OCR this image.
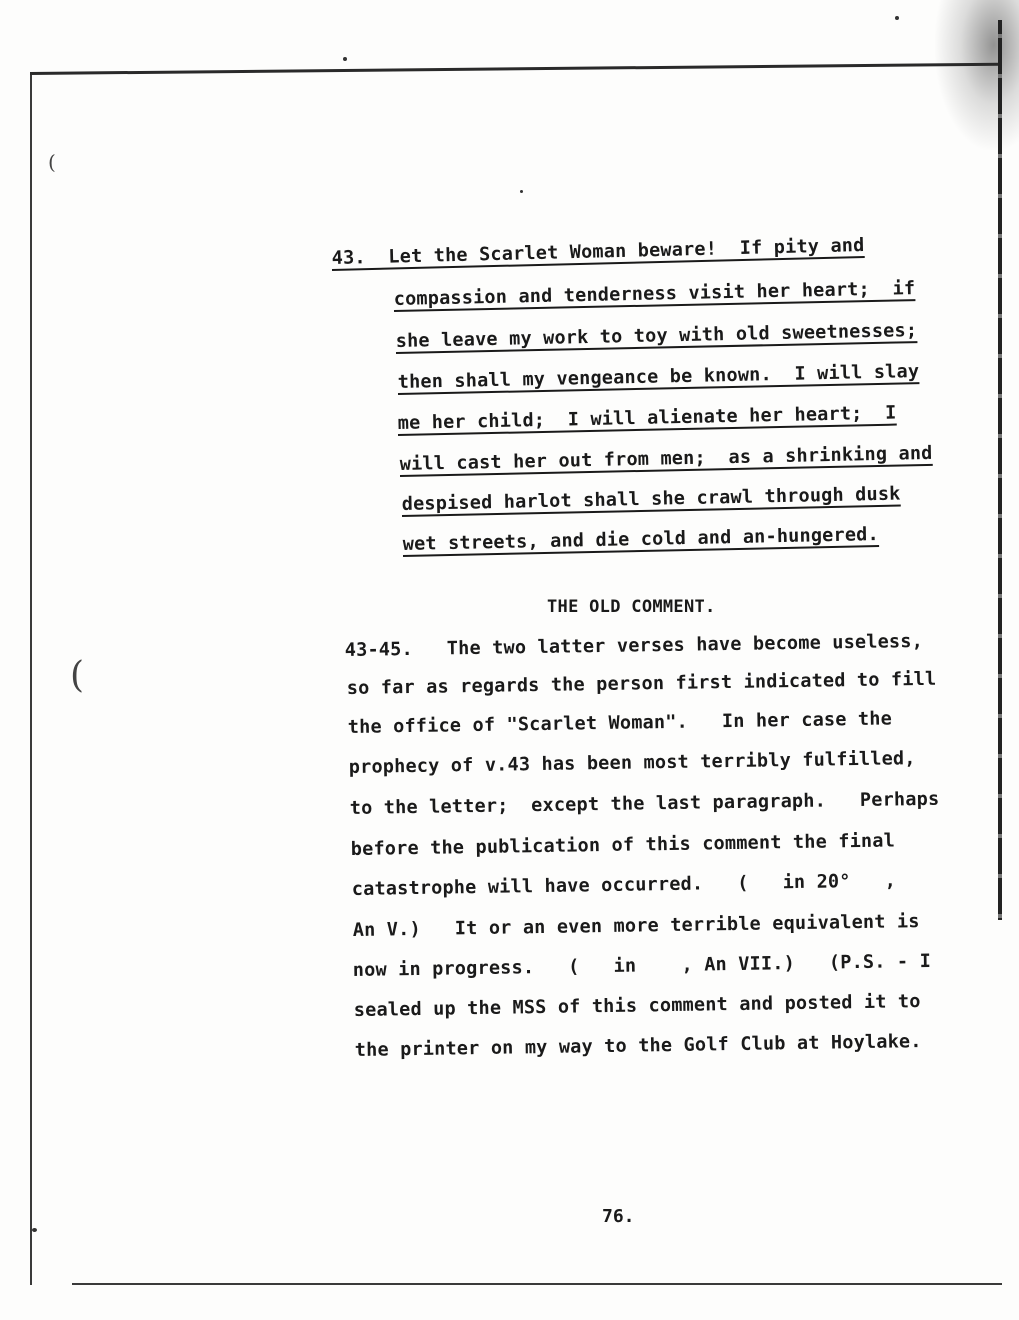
(
(
43.  Let the Scarlet Woman beware!  If pity and
compassion and tenderness visit her heart;  if
she leave my work to toy with old sweetnesses;
then shall my vengeance be known.  I will slay
me her child;  I will alienate her heart;  I
will cast her out from men;  as a shrinking and
despised harlot shall she crawl through dusk
wet streets, and die cold and an-hungered.
THE OLD COMMENT.
43-45.   The two latter verses have become useless,
so far as regards the person first indicated to fill
the office of "Scarlet Woman".   In her case the
prophecy of v.43 has been most terribly fulfilled,
to the letter;  except the last paragraph.   Perhaps
before the publication of this comment the final
catastrophe will have occurred.   (   in 20°   ,
An V.)   It or an even more terrible equivalent is
now in progress.   (   in    , An VII.)   (P.S. - I
sealed up the MSS of this comment and posted it to
the printer on my way to the Golf Club at Hoylake.
76.
